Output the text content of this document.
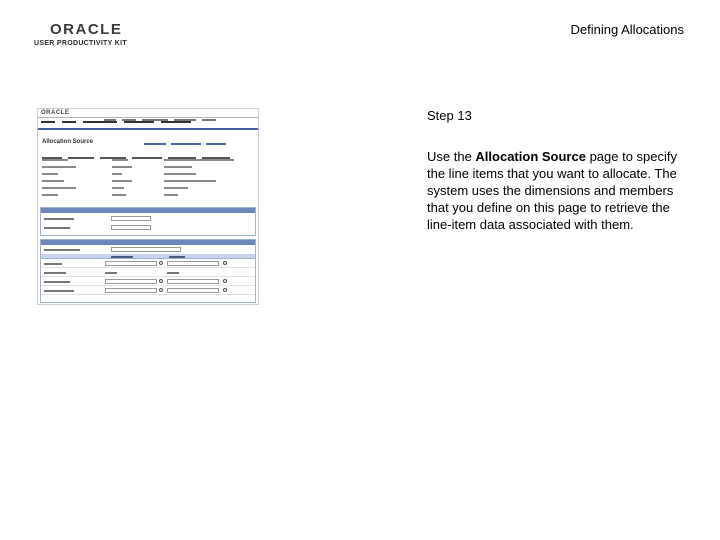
ORACLE
USER PRODUCTIVITY KIT
Defining Allocations
ORACLE
Allocation Source
Step 13
Use the Allocation Source page to specify the line items that you want to allocate. The system uses the dimensions and members that you define on this page to retrieve the line-item data associated with them.
